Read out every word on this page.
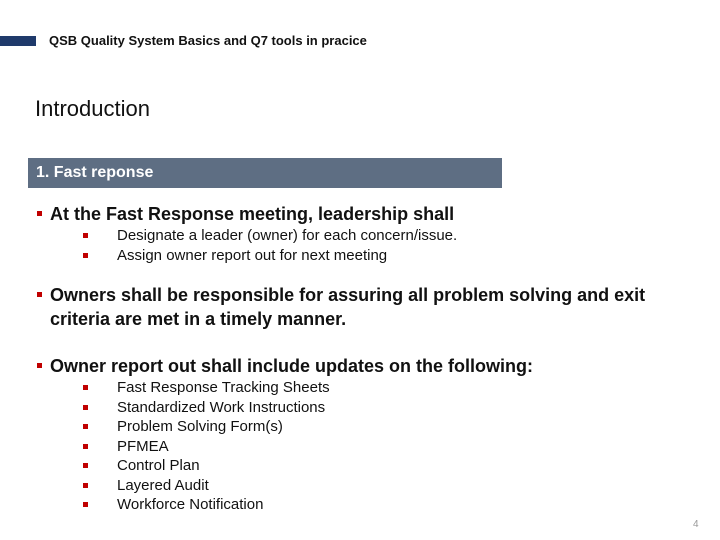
QSB Quality System Basics and Q7 tools in pracice
Introduction
1. Fast reponse
At the Fast Response meeting, leadership shall
Designate a leader (owner) for each concern/issue.
Assign owner report out for next meeting
Owners shall be responsible for assuring all problem solving and exit criteria are met in a timely manner.
Owner report out shall include updates on the following:
Fast Response Tracking Sheets
Standardized Work Instructions
Problem Solving Form(s)
PFMEA
Control Plan
Layered Audit
Workforce Notification
4
